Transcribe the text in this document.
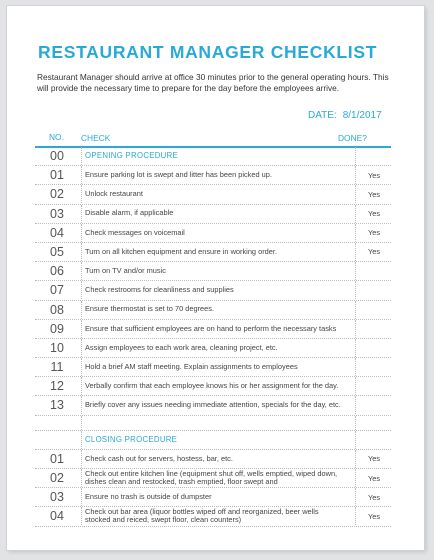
RESTAURANT MANAGER CHECKLIST
Restaurant Manager should arrive at office 30 minutes prior to the general operating hours. This will provide the necessary time to prepare for the day before the employees arrive.
DATE: 8/1/2017
NO. CHECK	DONE?
00	OPENING PROCEDURE
01	Ensure parking lot is swept and litter has been picked up.	Yes
02	Unlock restaurant	Yes
03	Disable alarm, if applicable	Yes
04	Check messages on voicemail	Yes
05	Turn on all kitchen equipment and ensure in working order.	Yes
06	Turn on TV and/or music
07	Check restrooms for cleanliness and supplies
08	Ensure thermostat is set to 70 degrees.
09	Ensure that sufficient employees are on hand to perform the necessary tasks
10	Assign employees to each work area, cleaning project, etc.
11	Hold a brief AM staff meeting. Explain assignments to employees
12	Verbally confirm that each employee knows his or her assignment for the day.
13	Briefly cover any issues needing immediate attention, specials for the day, etc.
CLOSING PROCEDURE
01	Check cash out for servers, hostess, bar, etc.	Yes
02	Check out entire kitchen line (equipment shut off, wells emptied, wiped down, dishes clean and restocked, trash emptied, floor swept and	Yes
03	Ensure no trash is outside of dumpster	Yes
04	Check out bar area (liquor bottles wiped off and reorganized, beer wells stocked and reiced, swept floor, clean counters)	Yes
